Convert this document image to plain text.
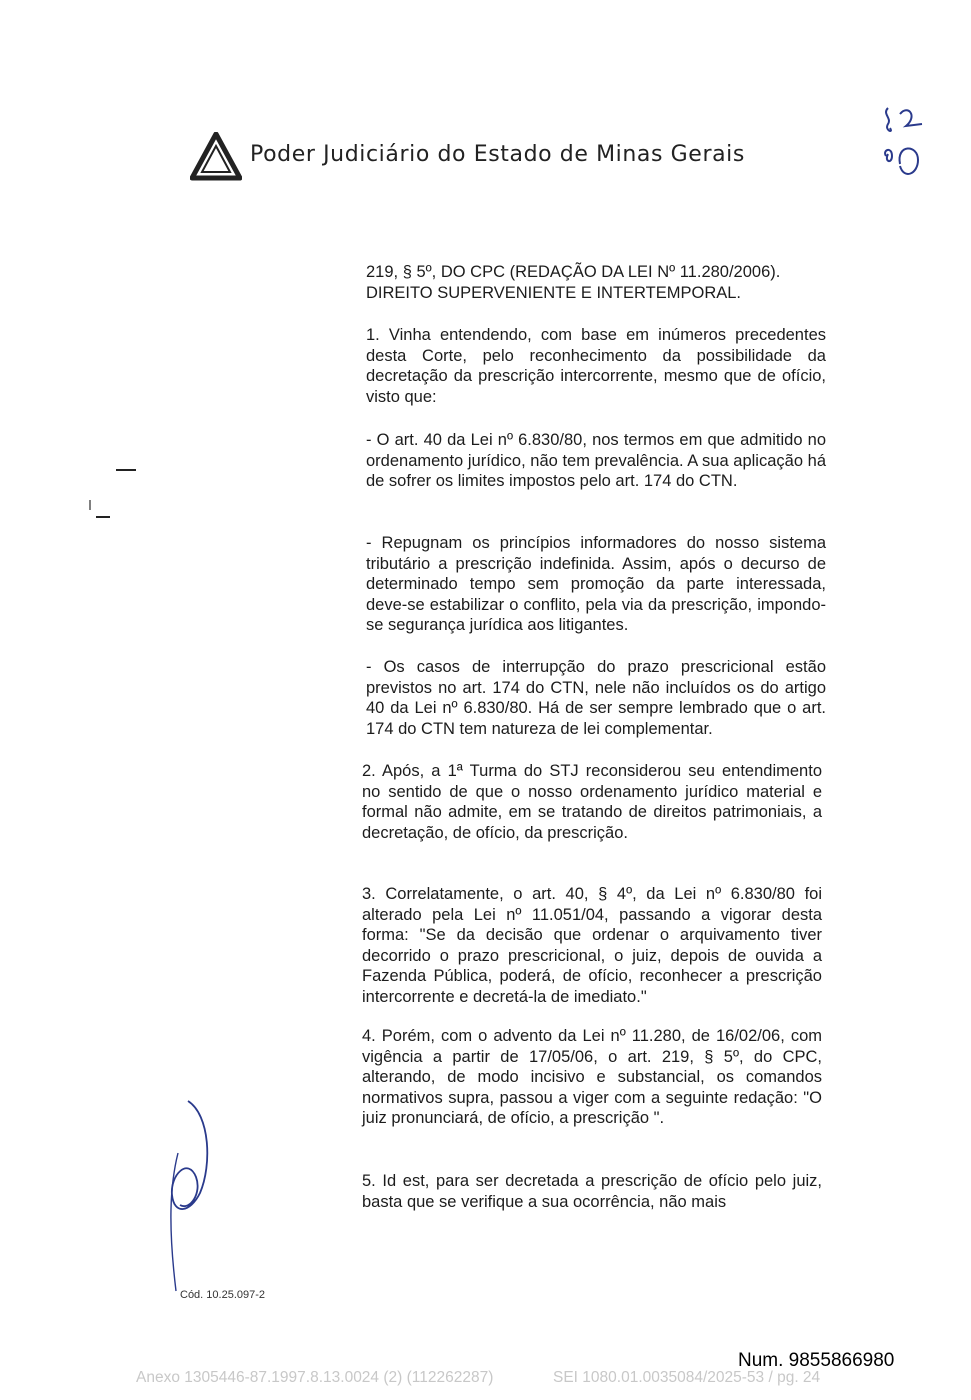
Poder Judiciário do Estado de Minas Gerais
219, § 5º, DO CPC (REDAÇÃO DA LEI Nº 11.280/2006). DIREITO SUPERVENIENTE E INTERTEMPORAL.
1. Vinha entendendo, com base em inúmeros precedentes desta Corte, pelo reconhecimento da possibilidade da decretação da prescrição intercorrente, mesmo que de ofício, visto que:
- O art. 40 da Lei nº 6.830/80, nos termos em que admitido no ordenamento jurídico, não tem prevalência. A sua aplicação há de sofrer os limites impostos pelo art. 174 do CTN.
- Repugnam os princípios informadores do nosso sistema tributário a prescrição indefinida. Assim, após o decurso de determinado tempo sem promoção da parte interessada, deve-se estabilizar o conflito, pela via da prescrição, impondo-se segurança jurídica aos litigantes.
- Os casos de interrupção do prazo prescricional estão previstos no art. 174 do CTN, nele não incluídos os do artigo 40 da Lei nº 6.830/80. Há de ser sempre lembrado que o art. 174 do CTN tem natureza de lei complementar.
2. Após, a 1ª Turma do STJ reconsiderou seu entendimento no sentido de que o nosso ordenamento jurídico material e formal não admite, em se tratando de direitos patrimoniais, a decretação, de ofício, da prescrição.
3. Correlatamente, o art. 40, § 4º, da Lei nº 6.830/80 foi alterado pela Lei nº 11.051/04, passando a vigorar desta forma: "Se da decisão que ordenar o arquivamento tiver decorrido o prazo prescricional, o juiz, depois de ouvida a Fazenda Pública, poderá, de ofício, reconhecer a prescrição intercorrente e decretá-la de imediato."
4. Porém, com o advento da Lei nº 11.280, de 16/02/06, com vigência a partir de 17/05/06, o art. 219, § 5º, do CPC, alterando, de modo incisivo e substancial, os comandos normativos supra, passou a viger com a seguinte redação: "O juiz pronunciará, de ofício, a prescrição ".
5. Id est, para ser decretada a prescrição de ofício pelo juiz, basta que se verifique a sua ocorrência, não mais
Cód. 10.25.097-2
Num. 9855866980
Anexo 1305446-87.1997.8.13.0024 (2) (112262287)	SEI 1080.01.0035084/2025-53 / pg. 24
